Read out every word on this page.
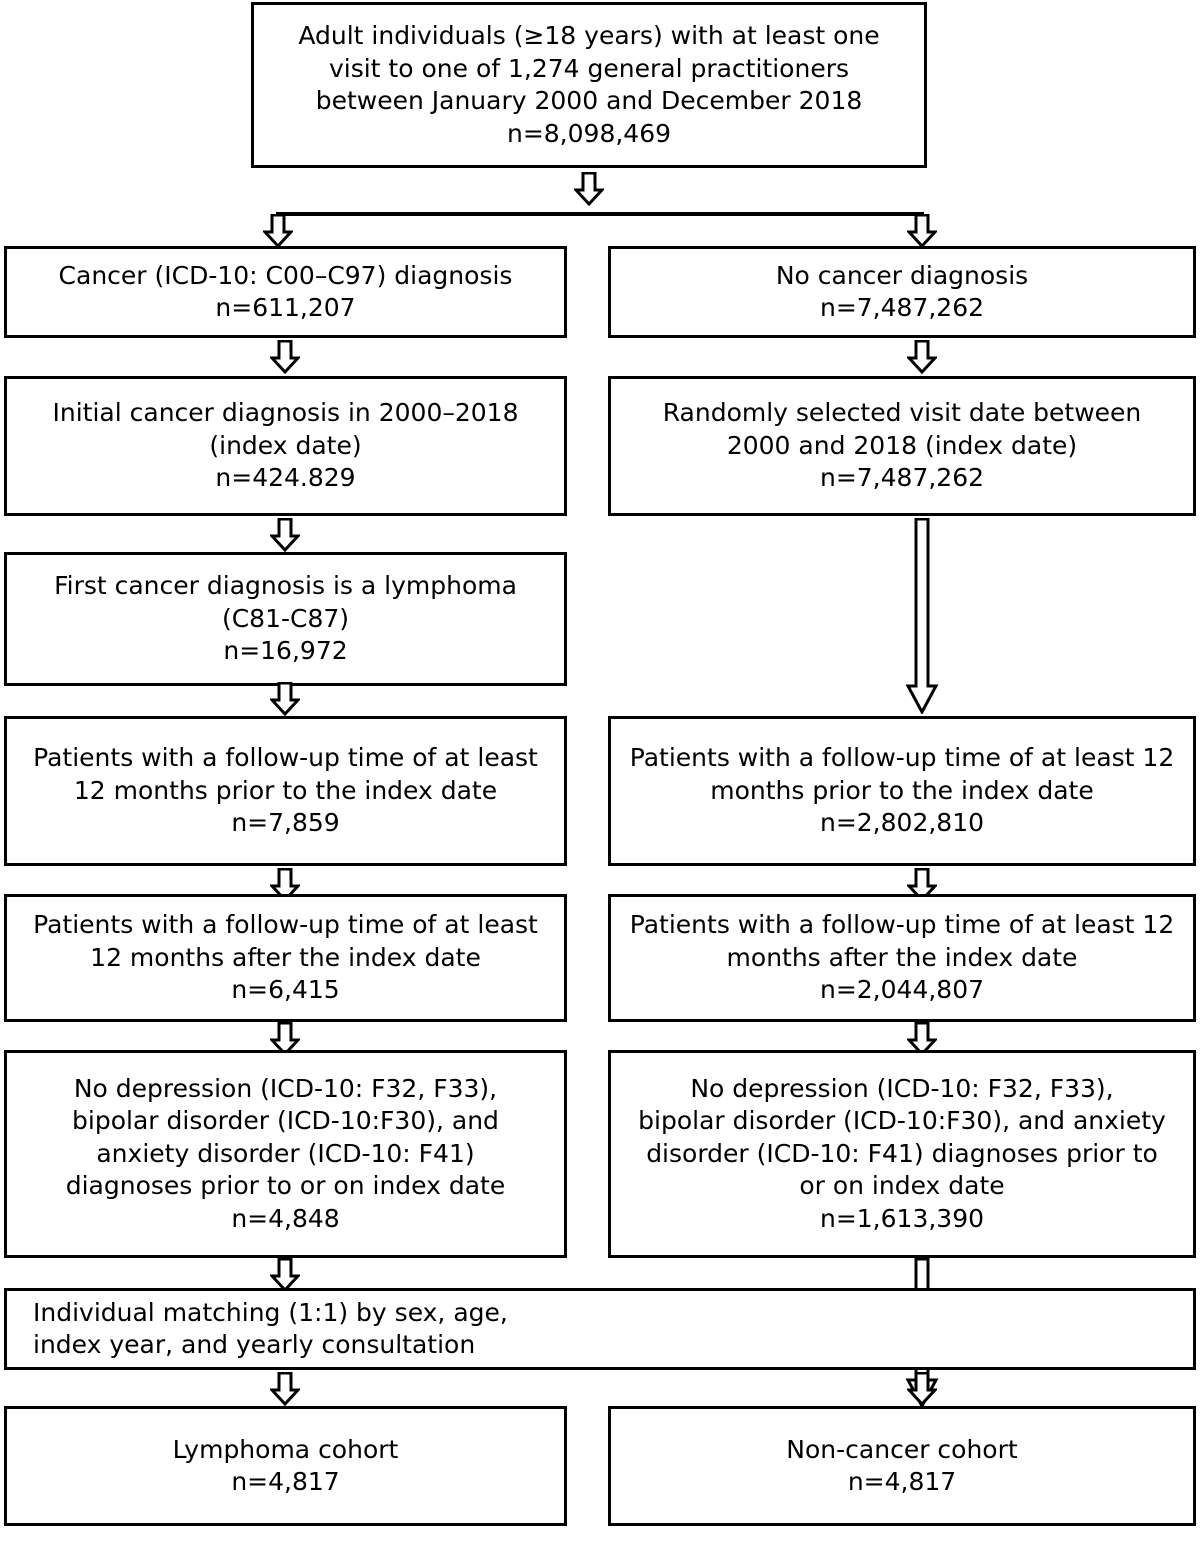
Adult individuals (≥18 years) with at least one
visit to one of 1,274 general practitioners
between January 2000 and December 2018
n=8,098,469
Cancer (ICD-10: C00–C97) diagnosis
n=611,207
No cancer diagnosis
n=7,487,262
Initial cancer diagnosis in 2000–2018
(index date)
n=424.829
Randomly selected visit date between
2000 and 2018 (index date)
n=7,487,262
First cancer diagnosis is a lymphoma
(C81-C87)
n=16,972
Patients with a follow-up time of at least
12 months prior to the index date
n=7,859
Patients with a follow-up time of at least 12
months prior to the index date
n=2,802,810
Patients with a follow-up time of at least
12 months after the index date
n=6,415
Patients with a follow-up time of at least 12
months after the index date
n=2,044,807
No depression (ICD-10: F32, F33),
bipolar disorder (ICD-10:F30), and
anxiety disorder (ICD-10: F41)
diagnoses prior to or on index date
n=4,848
No depression (ICD-10: F32, F33),
bipolar disorder (ICD-10:F30), and anxiety
disorder (ICD-10: F41) diagnoses prior to
or on index date
n=1,613,390
Individual matching (1:1) by sex, age,
index year, and yearly consultation
Lymphoma cohort
n=4,817
Non-cancer cohort
n=4,817
